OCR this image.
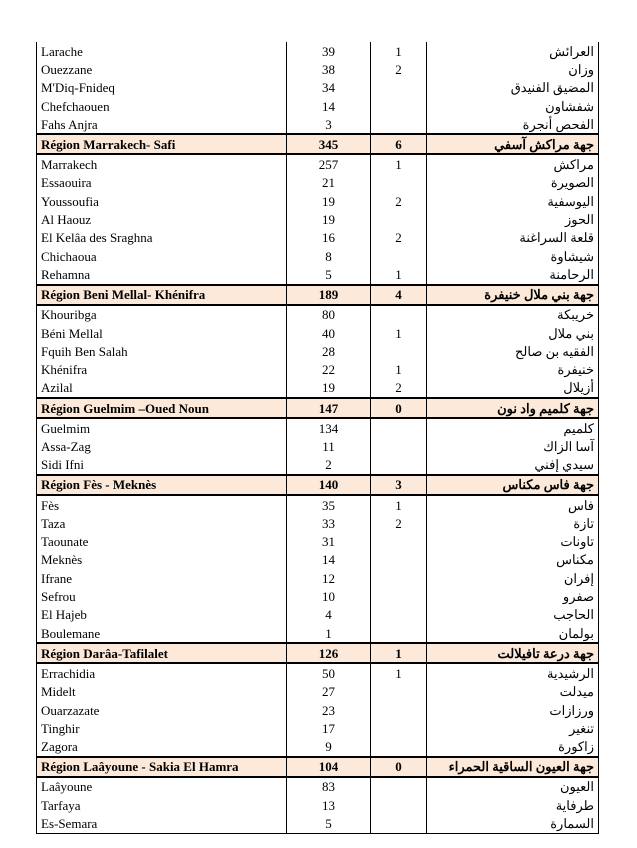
Larache	39	1	العرائش
Ouezzane	38	2	وزان
M'Diq-Fnideq	34		المضيق الفنيدق
Chefchaouen	14		شفشاون
Fahs Anjra	3		الفحص أنجرة
Région Marrakech- Safi	345	6	جهة مراكش آسفي
Marrakech	257	1	مراكش
Essaouira	21		الصويرة
Youssoufia	19	2	اليوسفية
Al Haouz	19		الحوز
El Kelâa des Sraghna	16	2	قلعة السراغنة
Chichaoua	8		شيشاوة
Rehamna	5	1	الرحامنة
Région Beni Mellal- Khénifra	189	4	جهة بني ملال خنيفرة
Khouribga	80		خريبكة
Béni Mellal	40	1	بني ملال
Fquih Ben Salah	28		الفقيه بن صالح
Khénifra	22	1	خنيفرة
Azilal	19	2	أزيلال
Région Guelmim –Oued Noun	147	0	جهة كلميم واد نون
Guelmim	134		كلميم
Assa-Zag	11		آسا الزاك
Sidi Ifni	2		سيدي إفني
Région Fès - Meknès	140	3	جهة فاس مكناس
Fès	35	1	فاس
Taza	33	2	تازة
Taounate	31		تاونات
Meknès	14		مكناس
Ifrane	12		إفران
Sefrou	10		صفرو
El Hajeb	4		الحاجب
Boulemane	1		بولمان
Région Darâa-Tafilalet	126	1	جهة درعة تافيلالت
Errachidia	50	1	الرشيدية
Midelt	27		ميدلت
Ouarzazate	23		ورزازات
Tinghir	17		تنغير
Zagora	9		زاكورة
Région Laâyoune - Sakia El Hamra	104	0	جهة العيون الساقية الحمراء
Laâyoune	83		العيون
Tarfaya	13		طرفاية
Es-Semara	5		السمارة
